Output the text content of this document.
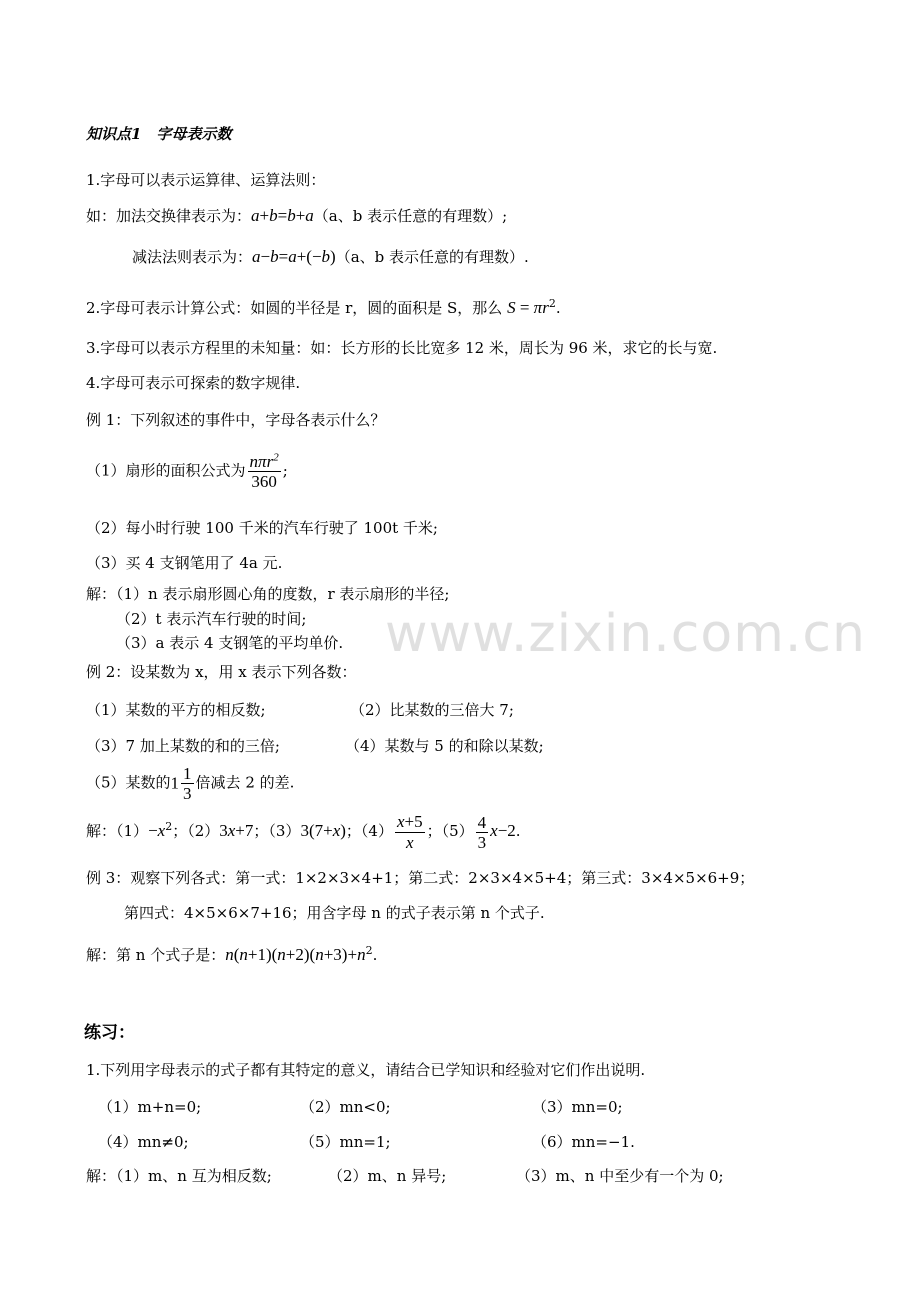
www.zixin.com.cn
知识点1　字母表示数
1.字母可以表示运算律、运算法则：
如：加法交换律表示为：a+b=b+a（a、b 表示任意的有理数）;
减法法则表示为：a−b=a+(−b)（a、b 表示任意的有理数）.
2.字母可表示计算公式：如圆的半径是 r，圆的面积是 S，那么 $S = \pi r^2$.
3.字母可以表示方程里的未知量：如：长方形的长比宽多 12 米，周长为 96 米，求它的长与宽.
4.字母可表示可探索的数字规律.
例 1：下列叙述的事件中，字母各表示什么？
（1）扇形的面积公式为 $\frac{n\pi r^2}{360}$ ;
（2）每小时行驶 100 千米的汽车行驶了 100t 千米;
（3）买 4 支钢笔用了 4a 元.
解：（1）n 表示扇形圆心角的度数，r 表示扇形的半径;
（2）t 表示汽车行驶的时间;
（3）a 表示 4 支钢笔的平均单价.
例 2：设某数为 x，用 x 表示下列各数：
（1）某数的平方的相反数;	（2）比某数的三倍大 7;
（3）7 加上某数的和的三倍;	（4）某数与 5 的和除以某数;
（5）某数的$1 \frac{1}{3}$ 倍减去 2 的差.
解：$(1)-x^2$；（2）3x+7；（3）3(7+x)；$(4) \frac{x+5}{x}$ ；$(5) \frac{4}{3} x-2$.
例 3：观察下列各式：第一式：1×2×3×4+1；第二式：2×3×4×5+4；第三式：3×4×5×6+9；
第四式：4×5×6×7+16；用含字母 n 的式子表示第 n 个式子.
解：第 n 个式子是：$n(n+1)(n+2)(n+3)+n^2$.
练习：
1.下列用字母表示的式子都有其特定的意义，请结合已学知识和经验对它们作出说明.
（1）m+n=0;	（2）mn<0;	（3）mn=0;
（4）mn≠0;	（5）mn=1;	（6）mn=−1.
解：（1）m、n 互为相反数;	（2）m、n 异号;	（3）m、n 中至少有一个为 0;
